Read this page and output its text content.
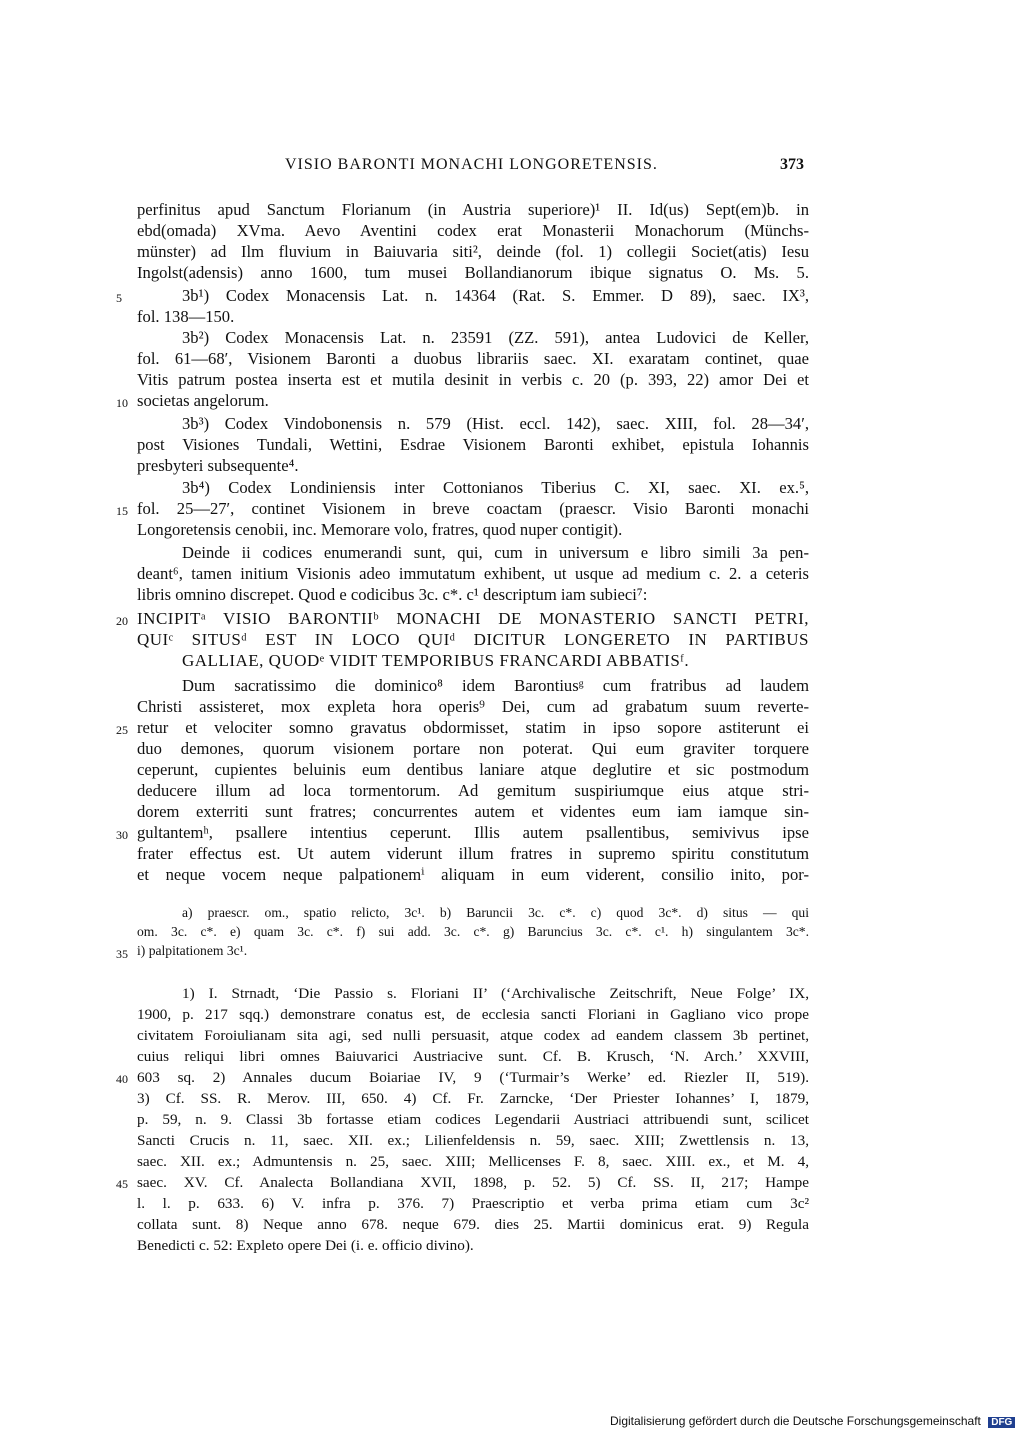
VISIO BARONTI MONACHI LONGORETENSIS.	373
perfinitus apud Sanctum Florianum (in Austria superiore)¹ II. Id(us) Sept(em)b. in
ebd(omada) XVma. Aevo Aventini codex erat Monasterii Monachorum (Münchs-
münster) ad Ilm fluvium in Baiuvaria siti², deinde (fol. 1) collegii Societ(atis) Iesu
Ingolst(adensis) anno 1600, tum musei Bollandianorum ibique signatus O. Ms. 5.
3b¹) Codex Monacensis Lat. n. 14364 (Rat. S. Emmer. D 89), saec. IX³,
fol. 138—150.
3b²) Codex Monacensis Lat. n. 23591 (ZZ. 591), antea Ludovici de Keller,
fol. 61—68′, Visionem Baronti a duobus librariis saec. XI. exaratam continet, quae
Vitis patrum postea inserta est et mutila desinit in verbis c. 20 (p. 393, 22) amor Dei et
societas angelorum.
3b³) Codex Vindobonensis n. 579 (Hist. eccl. 142), saec. XIII, fol. 28—34′,
post Visiones Tundali, Wettini, Esdrae Visionem Baronti exhibet, epistula Iohannis
presbyteri subsequente⁴.
3b⁴) Codex Londiniensis inter Cottonianos Tiberius C. XI, saec. XI. ex.⁵,
fol. 25—27′, continet Visionem in breve coactam (praescr. Visio Baronti monachi
Longoretensis cenobii, inc. Memorare volo, fratres, quod nuper contigit).
Deinde ii codices enumerandi sunt, qui, cum in universum e libro simili 3a pen-
deant⁶, tamen initium Visionis adeo immutatum exhibent, ut usque ad medium c. 2. a ceteris
libris omnino discrepet. Quod e codicibus 3c. c*. c¹ descriptum iam subieci⁷:
INCIPITᵃ VISIO BARONTIIᵇ MONACHI DE MONASTERIO SANCTI PETRI,
QUIᶜ SITUSᵈ EST IN LOCO QUIᵈ DICITUR LONGERETO IN PARTIBUS
GALLIAE, QUODᵉ VIDIT TEMPORIBUS FRANCARDI ABBATISᶠ.
Dum sacratissimo die dominico⁸ idem Barontiusᵍ cum fratribus ad laudem
Christi assisteret, mox expleta hora operis⁹ Dei, cum ad grabatum suum reverte-
retur et velociter somno gravatus obdormisset, statim in ipso sopore astiterunt ei
duo demones, quorum visionem portare non poterat. Qui eum graviter torquere
ceperunt, cupientes beluinis eum dentibus laniare atque deglutire et sic postmodum
deducere illum ad loca tormentorum. Ad gemitum suspiriumque eius atque stri-
dorem exterriti sunt fratres; concurrentes autem et videntes eum iam iamque sin-
gultantemʰ, psallere intentius ceperunt. Illis autem psallentibus, semivivus ipse
frater effectus est. Ut autem viderunt illum fratres in supremo spiritu constitutum
et neque vocem neque palpationemⁱ aliquam in eum viderent, consilio inito, por-
a) praescr. om., spatio relicto, 3c¹. b) Baruncii 3c. c*. c) quod 3c*. d) situs — qui
om. 3c. c*. e) quam 3c. c*. f) sui add. 3c. c*. g) Baruncius 3c. c*. c¹. h) singulantem 3c*.
i) palpitationem 3c¹.
1) I. Strnadt, ‘Die Passio s. Floriani II’ (‘Archivalische Zeitschrift, Neue Folge’ IX,
1900, p. 217 sqq.) demonstrare conatus est, de ecclesia sancti Floriani in Gagliano vico prope
civitatem Foroiulianam sita agi, sed nulli persuasit, atque codex ad eandem classem 3b pertinet,
cuius reliqui libri omnes Baiuvarici Austriacive sunt. Cf. B. Krusch, ‘N. Arch.’ XXVIII,
603 sq. 2) Annales ducum Boiariae IV, 9 (‘Turmair’s Werke’ ed. Riezler II, 519).
3) Cf. SS. R. Merov. III, 650. 4) Cf. Fr. Zarncke, ‘Der Priester Iohannes’ I, 1879,
p. 59, n. 9. Classi 3b fortasse etiam codices Legendarii Austriaci attribuendi sunt, scilicet
Sancti Crucis n. 11, saec. XII. ex.; Lilienfeldensis n. 59, saec. XIII; Zwettlensis n. 13,
saec. XII. ex.; Admuntensis n. 25, saec. XIII; Mellicenses F. 8, saec. XIII. ex., et M. 4,
saec. XV. Cf. Analecta Bollandiana XVII, 1898, p. 52. 5) Cf. SS. II, 217; Hampe
l. l. p. 633. 6) V. infra p. 376. 7) Praescriptio et verba prima etiam cum 3c²
collata sunt. 8) Neque anno 678. neque 679. dies 25. Martii dominicus erat. 9) Regula
Benedicti c. 52: Expleto opere Dei (i. e. officio divino).
5
10
15
20
25
30
35
40
45
Digitalisierung gefördert durch die Deutsche Forschungsgemeinschaft DFG
